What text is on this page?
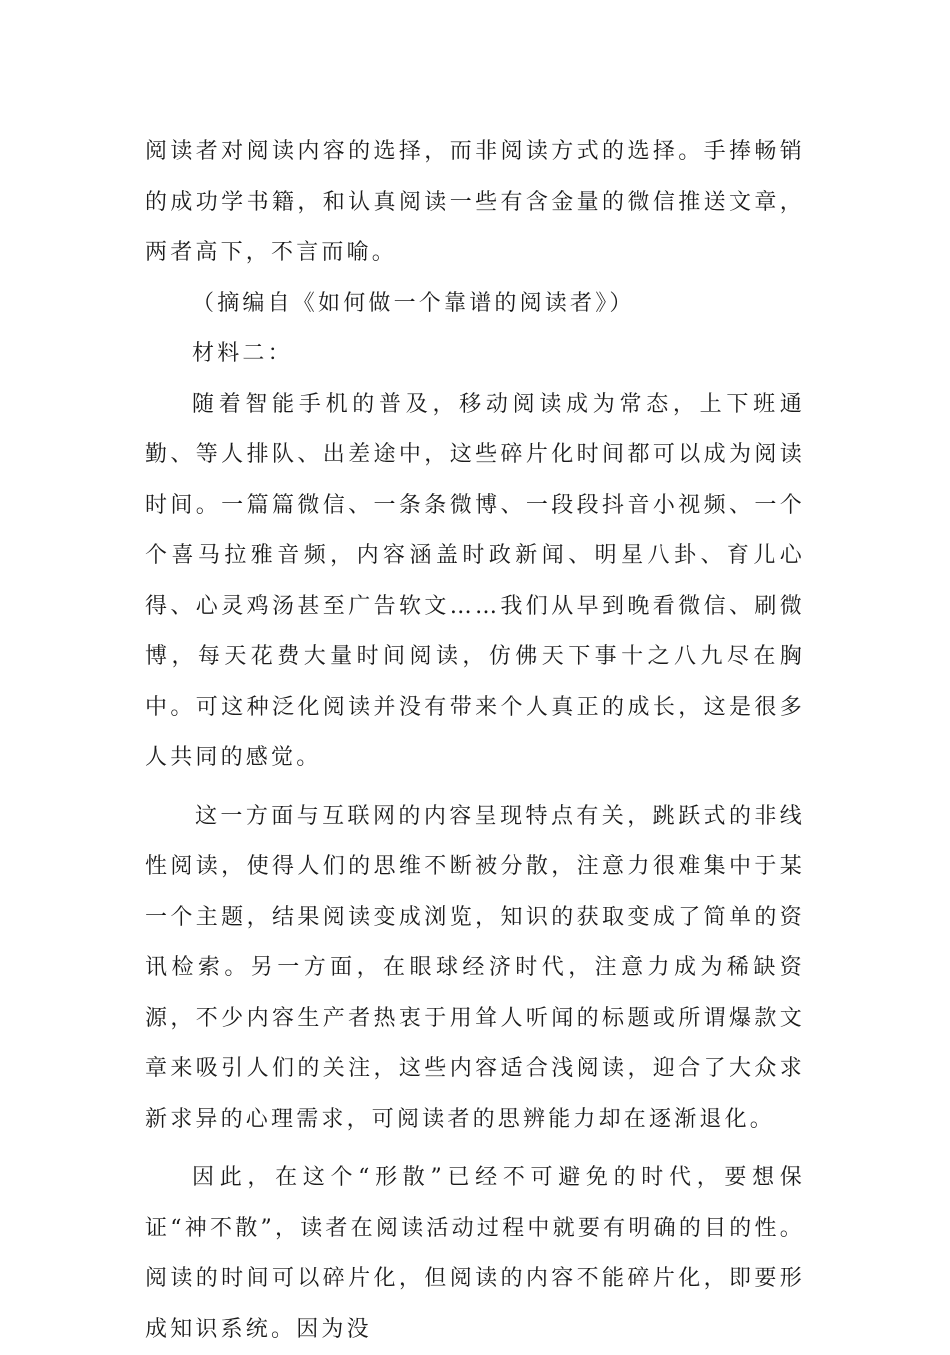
阅读者对阅读内容的选择，而非阅读方式的选择。手捧畅销的成功学书籍，和认真阅读一些有含金量的微信推送文章，两者高下，不言而喻。

（摘编自《如何做一个靠谱的阅读者》）

材料二：

随着智能手机的普及，移动阅读成为常态，上下班通勤、等人排队、出差途中，这些碎片化时间都可以成为阅读时间。一篇篇微信、一条条微博、一段段抖音小视频、一个个喜马拉雅音频，内容涵盖时政新闻、明星八卦、育儿心得、心灵鸡汤甚至广告软文……我们从早到晚看微信、刷微博，每天花费大量时间阅读，仿佛天下事十之八九尽在胸中。可这种泛化阅读并没有带来个人真正的成长，这是很多人共同的感觉。

这一方面与互联网的内容呈现特点有关，跳跃式的非线性阅读，使得人们的思维不断被分散，注意力很难集中于某一个主题，结果阅读变成浏览，知识的获取变成了简单的资讯检索。另一方面，在眼球经济时代，注意力成为稀缺资源，不少内容生产者热衷于用耸人听闻的标题或所谓爆款文章来吸引人们的关注，这些内容适合浅阅读，迎合了大众求新求异的心理需求，可阅读者的思辨能力却在逐渐退化。

因此，在这个“形散”已经不可避免的时代，要想保证“神不散”，读者在阅读活动过程中就要有明确的目的性。阅读的时间可以碎片化，但阅读的内容不能碎片化，即要形成知识系统。因为没
